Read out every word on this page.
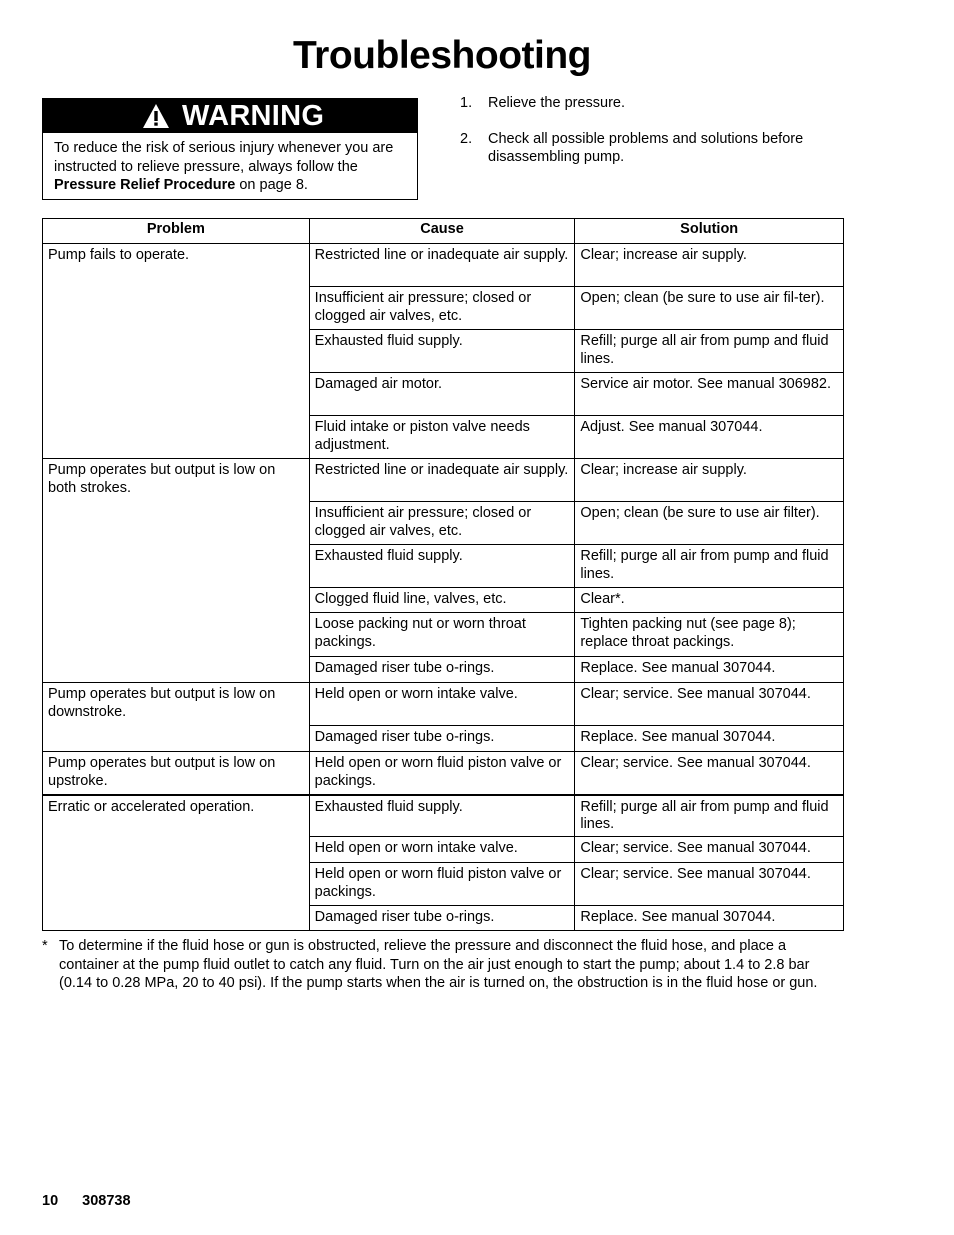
Troubleshooting
WARNING
To reduce the risk of serious injury whenever you are instructed to relieve pressure, always follow the Pressure Relief Procedure on page 8.
1.	Relieve the pressure.
2.	Check all possible problems and solutions before disassembling pump.
Problem	Cause	Solution
Pump fails to operate.	Restricted line or inadequate air supply.	Clear; increase air supply.
	Insufficient air pressure; closed or clogged air valves, etc.	Open; clean (be sure to use air fil-ter).
	Exhausted fluid supply.	Refill; purge all air from pump and fluid lines.
	Damaged air motor.	Service air motor. See manual 306982.
	Fluid intake or piston valve needs adjustment.	Adjust. See manual 307044.
Pump operates but output is low on both strokes.	Restricted line or inadequate air supply.	Clear; increase air supply.
	Insufficient air pressure; closed or clogged air valves, etc.	Open; clean (be sure to use air filter).
	Exhausted fluid supply.	Refill; purge all air from pump and fluid lines.
	Clogged fluid line, valves, etc.	Clear*.
	Loose packing nut or worn throat packings.	Tighten packing nut (see page 8); replace throat packings.
	Damaged riser tube o-rings.	Replace. See manual 307044.
Pump operates but output is low on downstroke.	Held open or worn intake valve.	Clear; service. See manual 307044.
	Damaged riser tube o-rings.	Replace. See manual 307044.
Pump operates but output is low on upstroke.	Held open or worn fluid piston valve or packings.	Clear; service. See manual 307044.
Erratic or accelerated operation.	Exhausted fluid supply.	Refill; purge all air from pump and fluid lines.
	Held open or worn intake valve.	Clear; service. See manual 307044.
	Held open or worn fluid piston valve or packings.	Clear; service. See manual 307044.
	Damaged riser tube o-rings.	Replace. See manual 307044.
* To determine if the fluid hose or gun is obstructed, relieve the pressure and disconnect the fluid hose, and place a container at the pump fluid outlet to catch any fluid. Turn on the air just enough to start the pump; about 1.4 to 2.8 bar (0.14 to 0.28 MPa, 20 to 40 psi). If the pump starts when the air is turned on, the obstruction is in the fluid hose or gun.
10 308738
